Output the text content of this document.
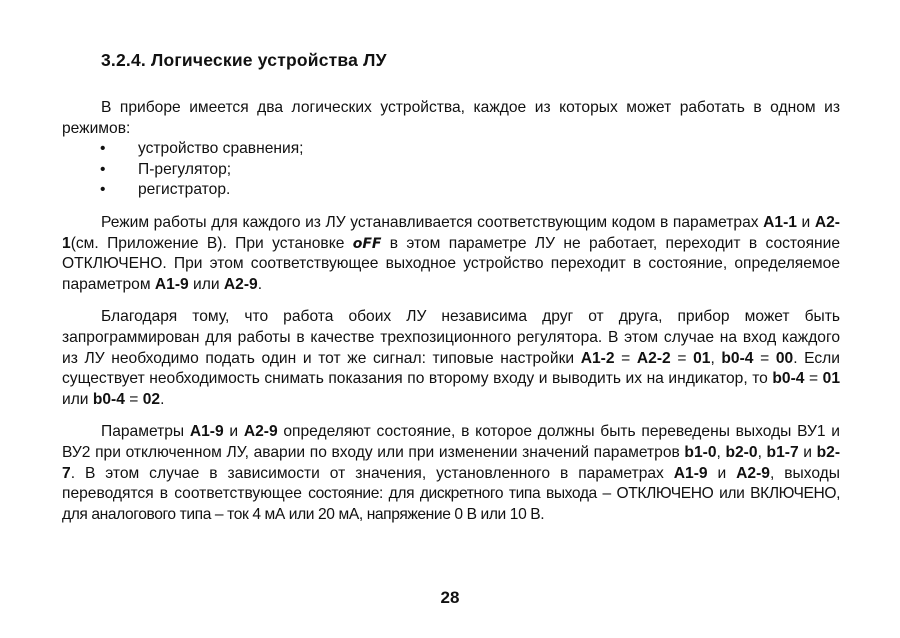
3.2.4. Логические устройства ЛУ

В приборе имеется два логических устройства, каждое из которых может работать в одном из режимов:

• устройство сравнения;
• П-регулятор;
• регистратор.

Режим работы для каждого из ЛУ устанавливается соответствующим кодом в параметрах A1-1 и A2-1(см. Приложение В). При установке oFF в этом параметре ЛУ не работает, переходит в состояние ОТКЛЮЧЕНО. При этом соответствующее выходное устройство переходит в состояние, определяемое параметром A1-9 или A2-9.

Благодаря тому, что работа обоих ЛУ независима друг от друга, прибор может быть запрограммирован для работы в качестве трехпозиционного регулятора. В этом случае на вход каждого из ЛУ необходимо подать один и тот же сигнал: типовые настройки A1-2 = A2-2 = 01, b0-4 = 00. Если существует необходимость снимать показания по второму входу и выводить их на индикатор, то b0-4 = 01 или b0-4 = 02.

Параметры A1-9 и A2-9 определяют состояние, в которое должны быть переведены выходы ВУ1 и ВУ2 при отключенном ЛУ, аварии по входу или при изменении значений параметров b1-0, b2-0, b1-7 и b2-7. В этом случае в зависимости от значения, установленного в параметрах A1-9 и A2-9, выходы переводятся в соответствующее состояние: для дискретного типа выхода – ОТКЛЮЧЕНО или ВКЛЮЧЕНО, для аналогового типа – ток 4 мА или 20 мА, напряжение 0 В или 10 В.

28
